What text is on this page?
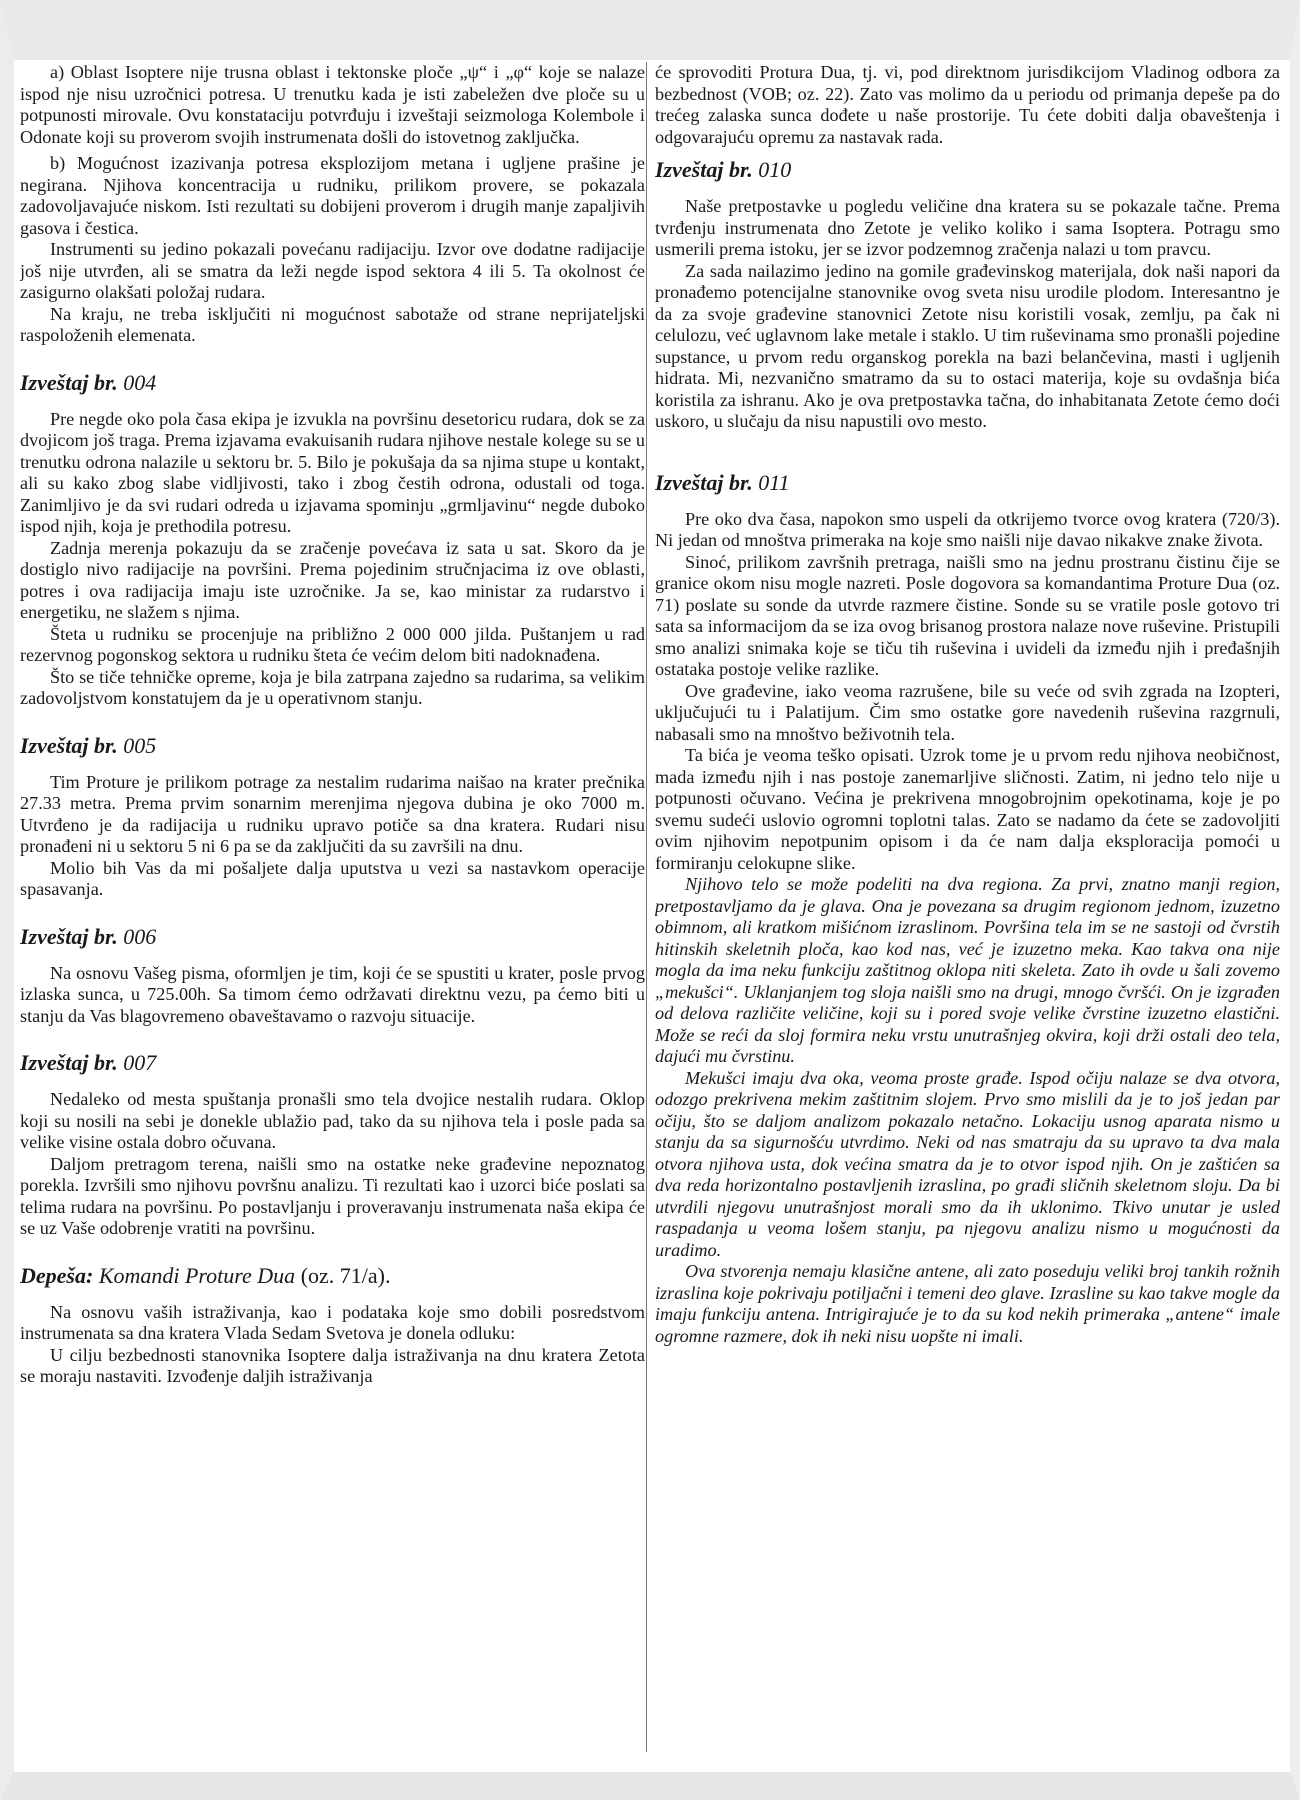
a) Oblast Isoptere nije trusna oblast i tektonske ploče „ψ“ i „φ“ koje se nalaze ispod nje nisu uzročnici potresa. U trenutku kada je isti zabeležen dve ploče su u potpunosti mirovale. Ovu konstataciju potvrđuju i izveštaji seizmologa Kolembole i Odonate koji su proverom svojih instrumenata došli do istovetnog zaključka.

b) Mogućnost izazivanja potresa eksplozijom metana i ugljene prašine je negirana. Njihova koncentracija u rudniku, prilikom provere, se pokazala zadovoljavajuće niskom. Isti rezultati su dobijeni proverom i drugih manje zapaljivih gasova i čestica.

Instrumenti su jedino pokazali povećanu radijaciju. Izvor ove dodatne radijacije još nije utvrđen, ali se smatra da leži negde ispod sektora 4 ili 5. Ta okolnost će zasigurno olakšati položaj rudara.

Na kraju, ne treba isključiti ni mogućnost sabotaže od strane neprijateljski raspoloženih elemenata.

Izveštaj br. 004

Pre negde oko pola časa ekipa je izvukla na površinu desetoricu rudara, dok se za dvojicom još traga. Prema izjavama evakuisanih rudara njihove nestale kolege su se u trenutku odrona nalazile u sektoru br. 5. Bilo je pokušaja da sa njima stupe u kontakt, ali su kako zbog slabe vidljivosti, tako i zbog čestih odrona, odustali od toga. Zanimljivo je da svi rudari odreda u izjavama spominju „grmljavinu“ negde duboko ispod njih, koja je prethodila potresu.

Zadnja merenja pokazuju da se zračenje povećava iz sata u sat. Skoro da je dostiglo nivo radijacije na površini. Prema pojedinim stručnjacima iz ove oblasti, potres i ova radijacija imaju iste uzročnike. Ja se, kao ministar za rudarstvo i energetiku, ne slažem s njima.

Šteta u rudniku se procenjuje na približno 2 000 000 jilda. Puštanjem u rad rezervnog pogonskog sektora u rudniku šteta će većim delom biti nadoknađena.

Što se tiče tehničke opreme, koja je bila zatrpana zajedno sa rudarima, sa velikim zadovoljstvom konstatujem da je u operativnom stanju.

Izveštaj br. 005

Tim Proture je prilikom potrage za nestalim rudarima naišao na krater prečnika 27.33 metra. Prema prvim sonarnim merenjima njegova dubina je oko 7000 m. Utvrđeno je da radijacija u rudniku upravo potiče sa dna kratera. Rudari nisu pronađeni ni u sektoru 5 ni 6 pa se da zaključiti da su završili na dnu.

Molio bih Vas da mi pošaljete dalja uputstva u vezi sa nastavkom operacije spasavanja.

Izveštaj br. 006

Na osnovu Vašeg pisma, oformljen je tim, koji će se spustiti u krater, posle prvog izlaska sunca, u 725.00h. Sa timom ćemo održavati direktnu vezu, pa ćemo biti u stanju da Vas blagovremeno obaveštavamo o razvoju situacije.

Izveštaj br. 007

Nedaleko od mesta spuštanja pronašli smo tela dvojice nestalih rudara. Oklop koji su nosili na sebi je donekle ublažio pad, tako da su njihova tela i posle pada sa velike visine ostala dobro očuvana.

Daljom pretragom terena, naišli smo na ostatke neke građevine nepoznatog porekla. Izvršili smo njihovu površnu analizu. Ti rezultati kao i uzorci biće poslati sa telima rudara na površinu. Po postavljanju i proveravanju instrumenata naša ekipa će se uz Vaše odobrenje vratiti na površinu.

Depeša: Komandi Proture Dua (oz. 71/a).

Na osnovu vaših istraživanja, kao i podataka koje smo dobili posredstvom instrumenata sa dna kratera Vlada Sedam Svetova je donela odluku:

U cilju bezbednosti stanovnika Isoptere dalja istraživanja na dnu kratera Zetota se moraju nastaviti. Izvođenje daljih istraživanja

će sprovoditi Protura Dua, tj. vi, pod direktnom jurisdikcijom Vladinog odbora za bezbednost (VOB; oz. 22). Zato vas molimo da u periodu od primanja depeše pa do trećeg zalaska sunca dođete u naše prostorije. Tu ćete dobiti dalja obaveštenja i odgovarajuću opremu za nastavak rada.

Izveštaj br. 010

Naše pretpostavke u pogledu veličine dna kratera su se pokazale tačne. Prema tvrđenju instrumenata dno Zetote je veliko koliko i sama Isoptera. Potragu smo usmerili prema istoku, jer se izvor podzemnog zračenja nalazi u tom pravcu.

Za sada nailazimo jedino na gomile građevinskog materijala, dok naši napori da pronađemo potencijalne stanovnike ovog sveta nisu urodile plodom. Interesantno je da za svoje građevine stanovnici Zetote nisu koristili vosak, zemlju, pa čak ni celulozu, već uglavnom lake metale i staklo. U tim ruševinama smo pronašli pojedine supstance, u prvom redu organskog porekla na bazi belančevina, masti i ugljenih hidrata. Mi, nezvanično smatramo da su to ostaci materija, koje su ovdašnja bića koristila za ishranu. Ako je ova pretpostavka tačna, do inhabitanata Zetote ćemo doći uskoro, u slučaju da nisu napustili ovo mesto.

Izveštaj br. 011

Pre oko dva časa, napokon smo uspeli da otkrijemo tvorce ovog kratera (720/3). Ni jedan od mnoštva primeraka na koje smo naišli nije davao nikakve znake života.

Sinoć, prilikom završnih pretraga, naišli smo na jednu prostranu čistinu čije se granice okom nisu mogle nazreti. Posle dogovora sa komandantima Proture Dua (oz. 71) poslate su sonde da utvrde razmere čistine. Sonde su se vratile posle gotovo tri sata sa informacijom da se iza ovog brisanog prostora nalaze nove ruševine. Pristupili smo analizi snimaka koje se tiču tih ruševina i uvideli da između njih i pređašnjih ostataka postoje velike razlike.

Ove građevine, iako veoma razrušene, bile su veće od svih zgrada na Izopteri, uključujući tu i Palatijum. Čim smo ostatke gore navedenih ruševina razgrnuli, nabasali smo na mnoštvo beživotnih tela.

Ta bića je veoma teško opisati. Uzrok tome je u prvom redu njihova neobičnost, mada između njih i nas postoje zanemarljive sličnosti. Zatim, ni jedno telo nije u potpunosti očuvano. Većina je prekrivena mnogobrojnim opekotinama, koje je po svemu sudeći uslovio ogromni toplotni talas. Zato se nadamo da ćete se zadovoljiti ovim njihovim nepotpunim opisom i da će nam dalja eksploracija pomoći u formiranju celokupne slike.

Njihovo telo se može podeliti na dva regiona. Za prvi, znatno manji region, pretpostavljamo da je glava. Ona je povezana sa drugim regionom jednom, izuzetno obimnom, ali kratkom mišićnom izraslinom. Površina tela im se ne sastoji od čvrstih hitinskih skeletnih ploča, kao kod nas, već je izuzetno meka. Kao takva ona nije mogla da ima neku funkciju zaštitnog oklopa niti skeleta. Zato ih ovde u šali zovemo „mekušci“. Uklanjanjem tog sloja naišli smo na drugi, mnogo čvršći. On je izgrađen od delova različite veličine, koji su i pored svoje velike čvrstine izuzetno elastični. Može se reći da sloj formira neku vrstu unutrašnjeg okvira, koji drži ostali deo tela, dajući mu čvrstinu.

Mekušci imaju dva oka, veoma proste građe. Ispod očiju nalaze se dva otvora, odozgo prekrivena mekim zaštitnim slojem. Prvo smo mislili da je to još jedan par očiju, što se daljom analizom pokazalo netačno. Lokaciju usnog aparata nismo u stanju da sa sigurnošću utvrdimo. Neki od nas smatraju da su upravo ta dva mala otvora njihova usta, dok većina smatra da je to otvor ispod njih. On je zaštićen sa dva reda horizontalno postavljenih izraslina, po građi sličnih skeletnom sloju. Da bi utvrdili njegovu unutrašnjost morali smo da ih uklonimo. Tkivo unutar je usled raspadanja u veoma lošem stanju, pa njegovu analizu nismo u mogućnosti da uradimo.

Ova stvorenja nemaju klasične antene, ali zato poseduju veliki broj tankih rožnih izraslina koje pokrivaju potiljačni i temeni deo glave. Izrasline su kao takve mogle da imaju funkciju antena. Intrigirajuće je to da su kod nekih primeraka „antene“ imale ogromne razmere, dok ih neki nisu uopšte ni imali.
